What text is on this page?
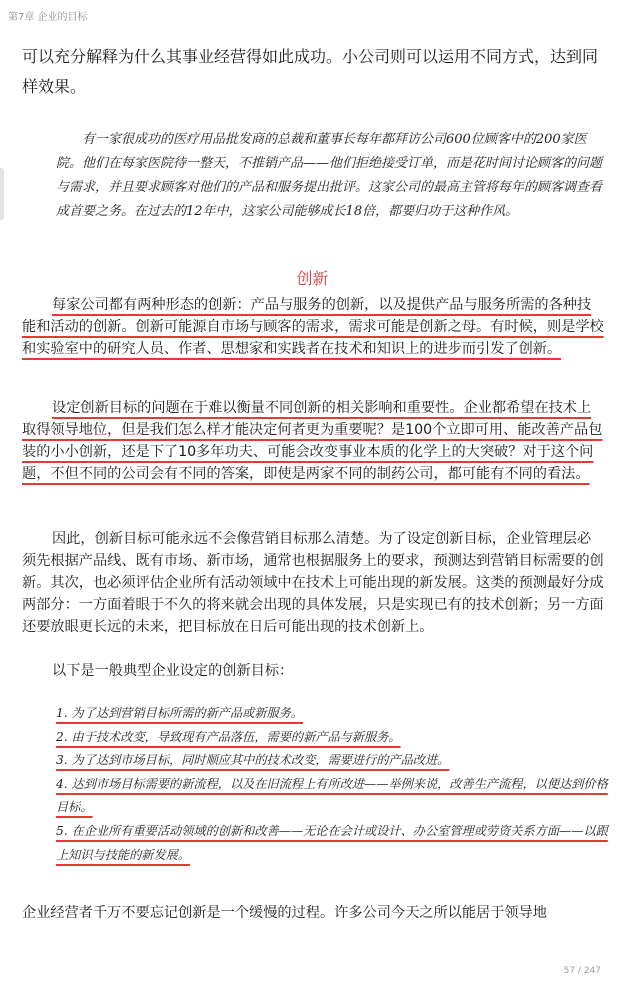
第7章 企业的目标
可以充分解释为什么其事业经营得如此成功。小公司则可以运用不同方式，达到同样效果。
有一家很成功的医疗用品批发商的总裁和董事长每年都拜访公司600位顾客中的200家医院。他们在每家医院待一整天，不推销产品——他们拒绝接受订单，而是花时间讨论顾客的问题与需求，并且要求顾客对他们的产品和服务提出批评。这家公司的最高主管将每年的顾客调查看成首要之务。在过去的12年中，这家公司能够成长18倍，都要归功于这种作风。
创新
每家公司都有两种形态的创新：产品与服务的创新，以及提供产品与服务所需的各种技能和活动的创新。创新可能源自市场与顾客的需求，需求可能是创新之母。有时候，则是学校和实验室中的研究人员、作者、思想家和实践者在技术和知识上的进步而引发了创新。
设定创新目标的问题在于难以衡量不同创新的相关影响和重要性。企业都希望在技术上取得领导地位，但是我们怎么样才能决定何者更为重要呢？是100个立即可用、能改善产品包装的小小创新，还是下了10多年功夫、可能会改变事业本质的化学上的大突破？对于这个问题，不但不同的公司会有不同的答案，即使是两家不同的制药公司，都可能有不同的看法。
因此，创新目标可能永远不会像营销目标那么清楚。为了设定创新目标，企业管理层必须先根据产品线、既有市场、新市场，通常也根据服务上的要求，预测达到营销目标需要的创新。其次，也必须评估企业所有活动领域中在技术上可能出现的新发展。这类的预测最好分成两部分：一方面着眼于不久的将来就会出现的具体发展，只是实现已有的技术创新；另一方面还要放眼更长远的未来，把目标放在日后可能出现的技术创新上。
以下是一般典型企业设定的创新目标：
1. 为了达到营销目标所需的新产品或新服务。
2. 由于技术改变，导致现有产品落伍，需要的新产品与新服务。
3. 为了达到市场目标，同时顺应其中的技术改变，需要进行的产品改进。
4. 达到市场目标需要的新流程，以及在旧流程上有所改进——举例来说，改善生产流程，以便达到价格目标。
5. 在企业所有重要活动领域的创新和改善——无论在会计或设计、办公室管理或劳资关系方面——以跟上知识与技能的新发展。
企业经营者千万不要忘记创新是一个缓慢的过程。许多公司今天之所以能居于领导地
57 / 247
